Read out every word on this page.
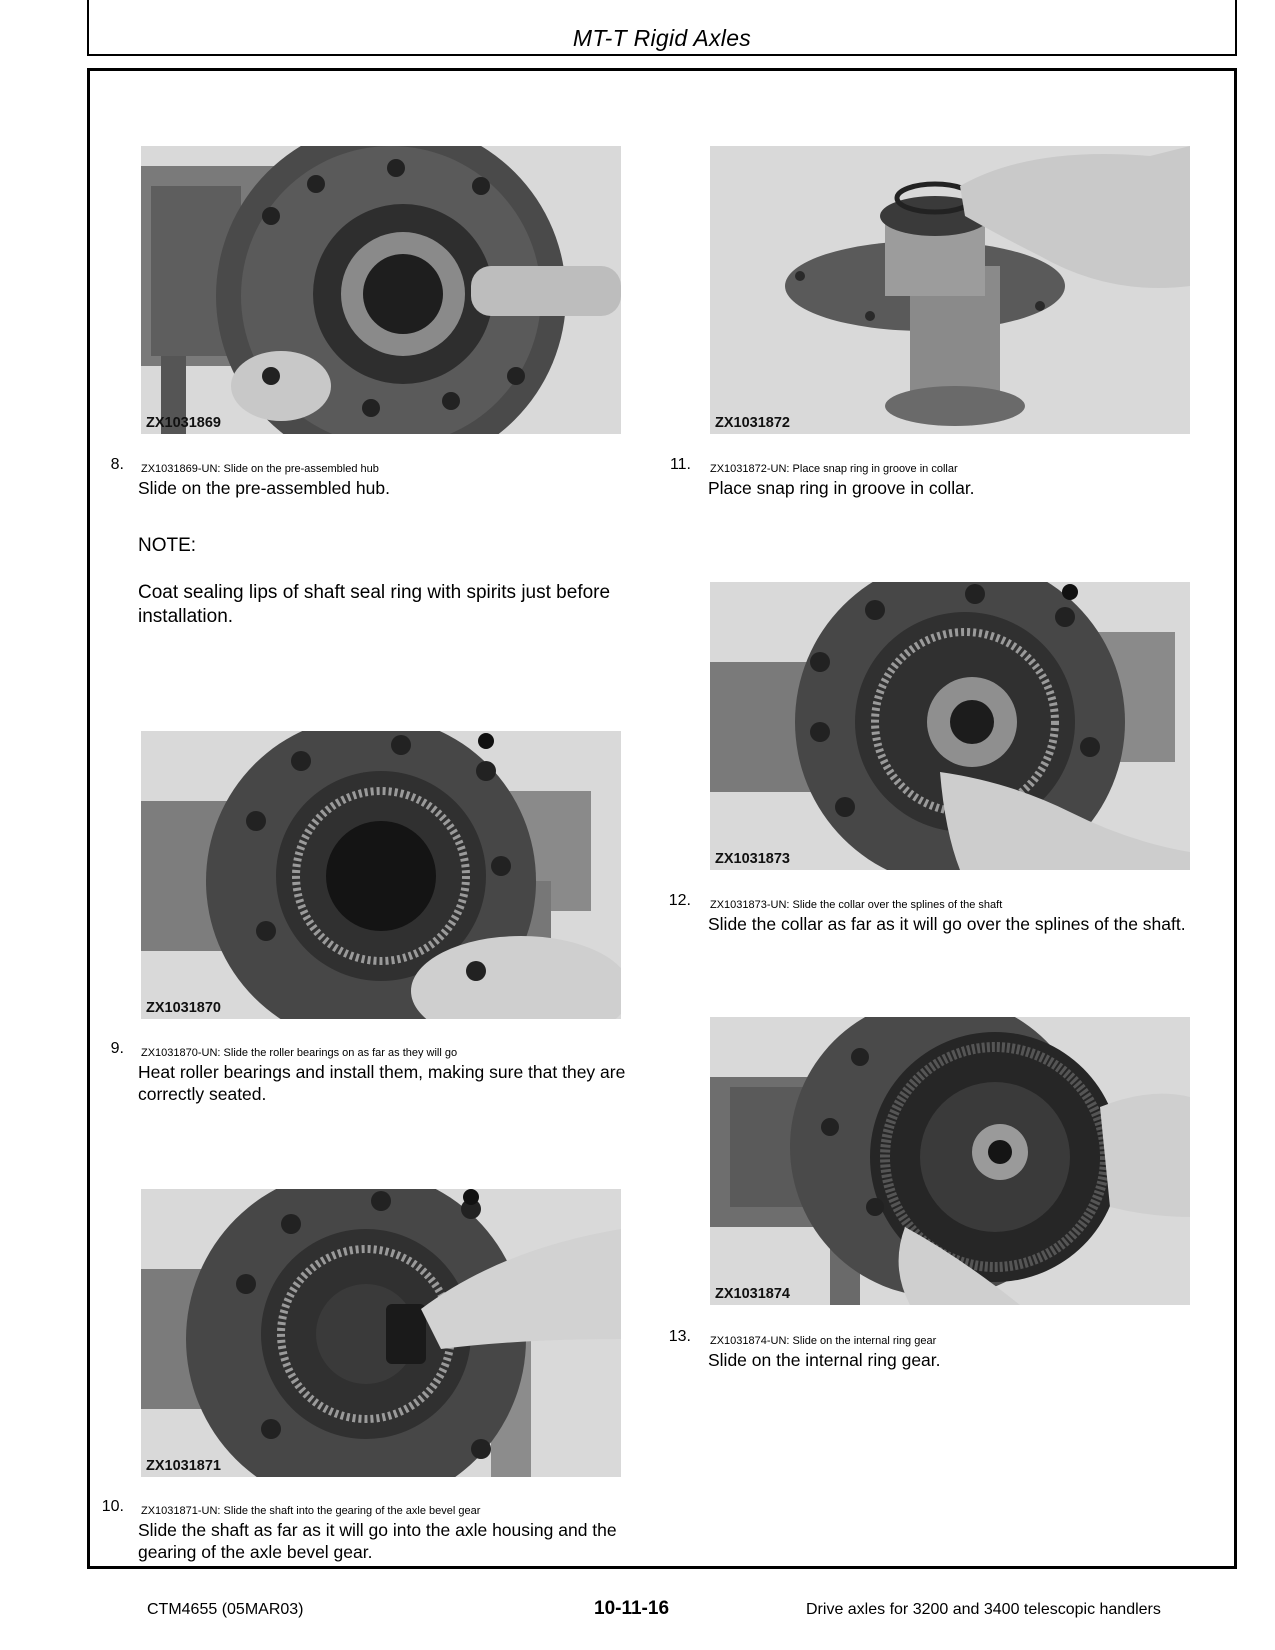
MT-T Rigid Axles
ZX1031869
ZX1031870
ZX1031871
ZX1031872
ZX1031873
ZX1031874
8. ZX1031869-UN: Slide on the pre-assembled hub
Slide on the pre-assembled hub.
NOTE:
Coat sealing lips of shaft seal ring with spirits just before installation.
9. ZX1031870-UN: Slide the roller bearings on as far as they will go
Heat roller bearings and install them, making sure that they are correctly seated.
10. ZX1031871-UN: Slide the shaft into the gearing of the axle bevel gear
Slide the shaft as far as it will go into the axle housing and the gearing of the axle bevel gear.
11. ZX1031872-UN: Place snap ring in groove in collar
Place snap ring in groove in collar.
12. ZX1031873-UN: Slide the collar over the splines of the shaft
Slide the collar as far as it will go over the splines of the shaft.
13. ZX1031874-UN: Slide on the internal ring gear
Slide on the internal ring gear.
CTM4655 (05MAR03)	10-11-16	Drive axles for 3200 and 3400 telescopic handlers
